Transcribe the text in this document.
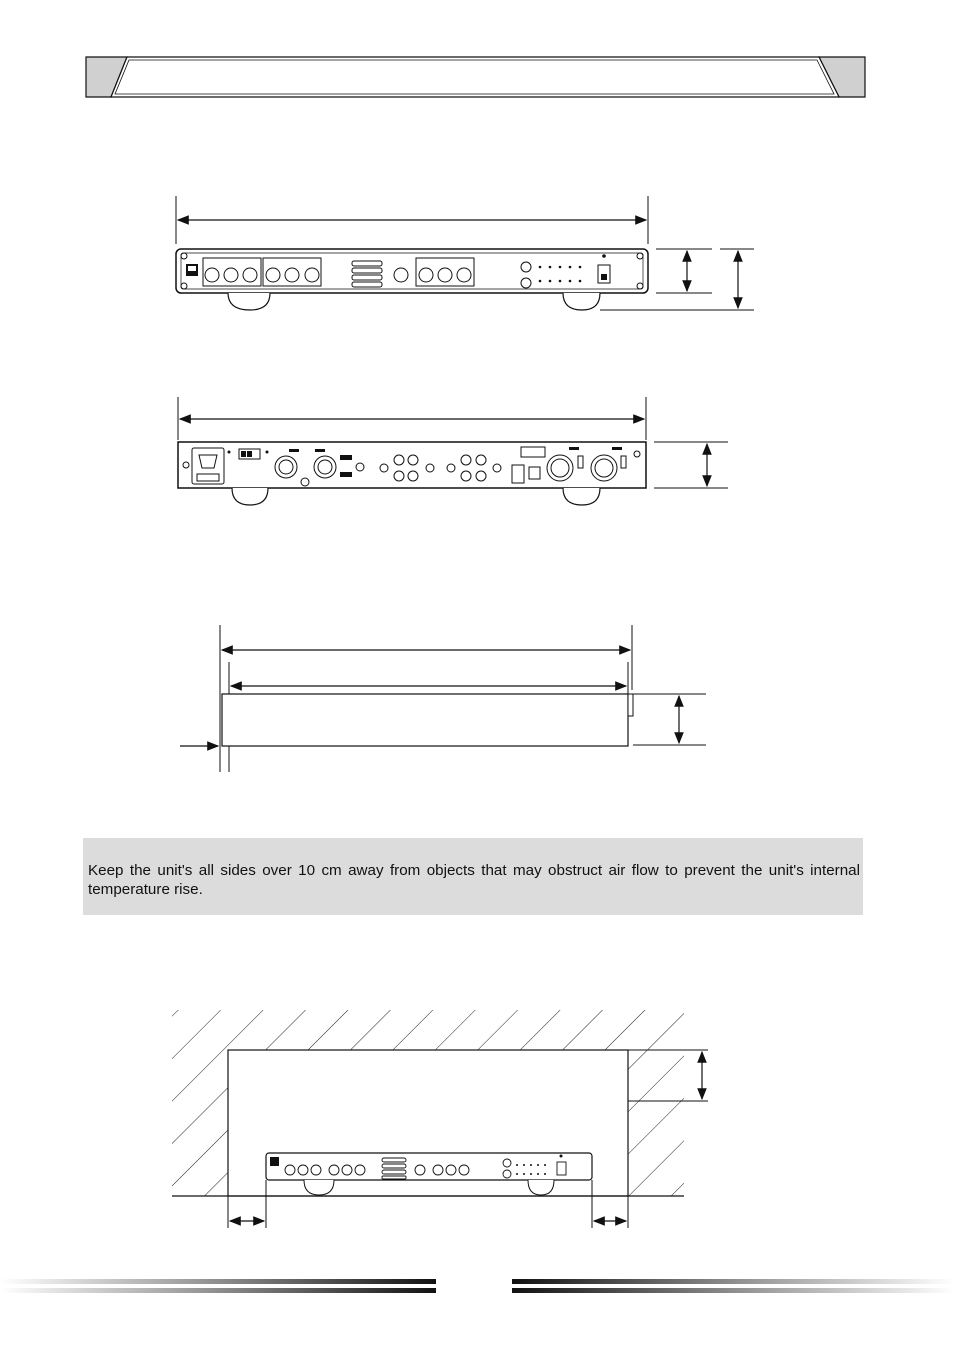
Keep the unit's all sides over 10 cm away from objects that may obstruct air flow to prevent the unit's internal temperature rise.
